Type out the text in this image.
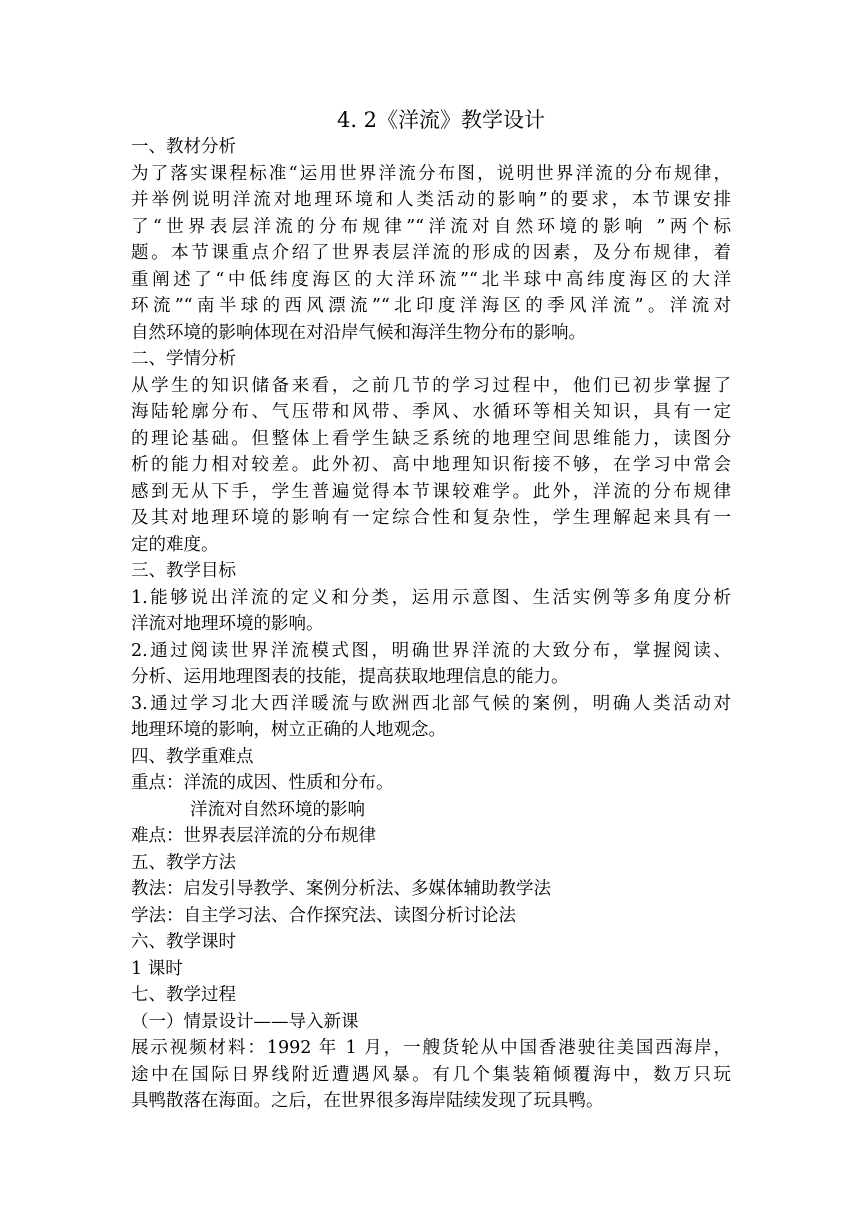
4. 2《洋流》教学设计
一、教材分析
为了落实课程标准“运用世界洋流分布图，说明世界洋流的分布规律，
并举例说明洋流对地理环境和人类活动的影响”的要求，本节课安排
了“世界表层洋流的分布规律”“洋流对自然环境的影响 ”两个标
题。本节课重点介绍了世界表层洋流的形成的因素，及分布规律，着
重阐述了“中低纬度海区的大洋环流”“北半球中高纬度海区的大洋
环流”“南半球的西风漂流”“北印度洋海区的季风洋流”。洋流对
自然环境的影响体现在对沿岸气候和海洋生物分布的影响。
二、学情分析
从学生的知识储备来看，之前几节的学习过程中，他们已初步掌握了
海陆轮廓分布、气压带和风带、季风、水循环等相关知识，具有一定
的理论基础。但整体上看学生缺乏系统的地理空间思维能力，读图分
析的能力相对较差。此外初、高中地理知识衔接不够，在学习中常会
感到无从下手，学生普遍觉得本节课较难学。此外，洋流的分布规律
及其对地理环境的影响有一定综合性和复杂性，学生理解起来具有一
定的难度。
三、教学目标
1.能够说出洋流的定义和分类，运用示意图、生活实例等多角度分析
洋流对地理环境的影响。
2.通过阅读世界洋流模式图，明确世界洋流的大致分布，掌握阅读、
分析、运用地理图表的技能，提高获取地理信息的能力。
3.通过学习北大西洋暖流与欧洲西北部气候的案例，明确人类活动对
地理环境的影响，树立正确的人地观念。
四、教学重难点
重点：洋流的成因、性质和分布。
洋流对自然环境的影响
难点：世界表层洋流的分布规律
五、教学方法
教法：启发引导教学、案例分析法、多媒体辅助教学法
学法：自主学习法、合作探究法、读图分析讨论法
六、教学课时
1 课时
七、教学过程
（一）情景设计——导入新课
展示视频材料：1992 年 1 月，一艘货轮从中国香港驶往美国西海岸，
途中在国际日界线附近遭遇风暴。有几个集装箱倾覆海中，数万只玩
具鸭散落在海面。之后，在世界很多海岸陆续发现了玩具鸭。
